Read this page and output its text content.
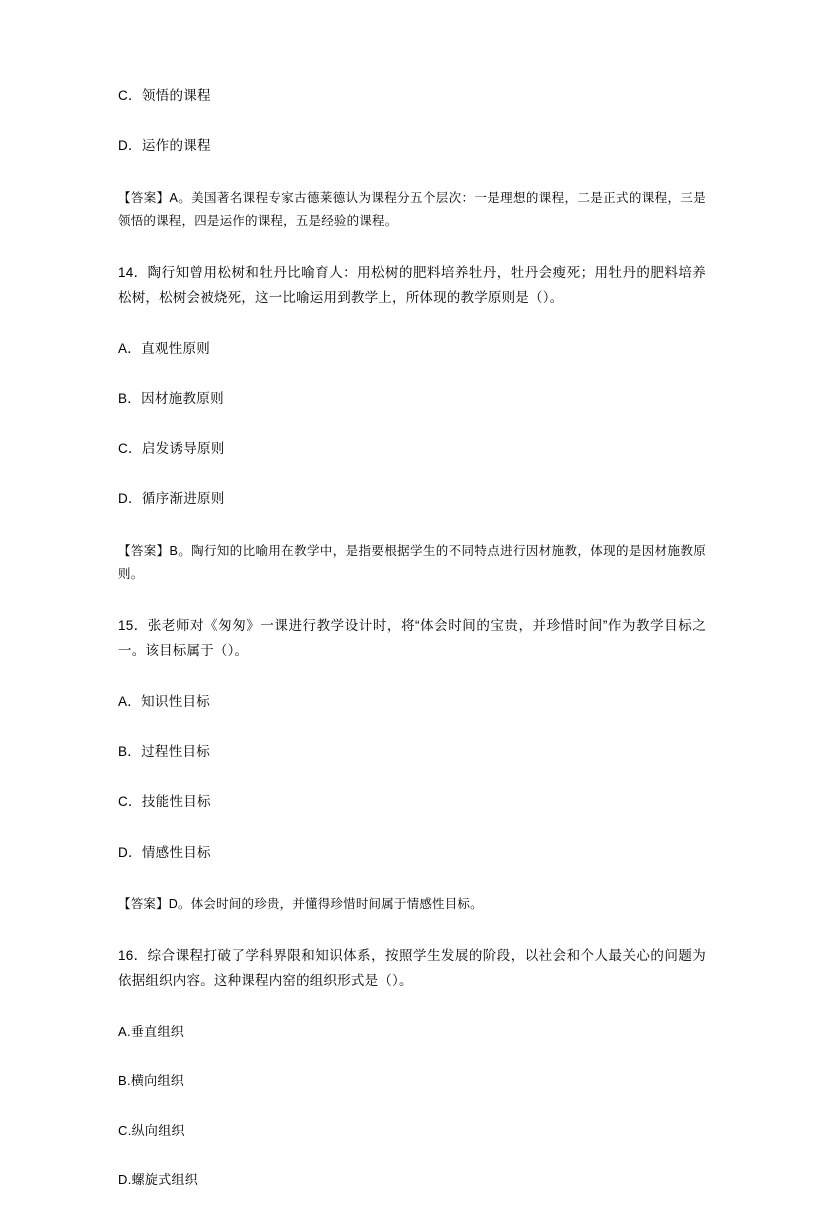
C．领悟的课程

D．运作的课程

【答案】A。美国著名课程专家古德莱德认为课程分五个层次：一是理想的课程，二是正式的课程，三是领悟的课程，四是运作的课程，五是经验的课程。

14．陶行知曾用松树和牡丹比喻育人：用松树的肥料培养牡丹，牡丹会瘦死；用牡丹的肥料培养松树，松树会被烧死，这一比喻运用到教学上，所体现的教学原则是（）。

A．直观性原则

B．因材施教原则

C．启发诱导原则

D．循序渐进原则

【答案】B。陶行知的比喻用在教学中，是指要根据学生的不同特点进行因材施教，体现的是因材施教原则。

15．张老师对《匆匆》一课进行教学设计时，将“体会时间的宝贵，并珍惜时间”作为教学目标之一。该目标属于（）。

A．知识性目标

B．过程性目标

C．技能性目标

D．情感性目标

【答案】D。体会时间的珍贵，并懂得珍惜时间属于情感性目标。

16．综合课程打破了学科界限和知识体系，按照学生发展的阶段，以社会和个人最关心的问题为依据组织内容。这种课程内窑的组织形式是（）。

A.垂直组织

B.横向组织

C.纵向组织

D.螺旋式组织
